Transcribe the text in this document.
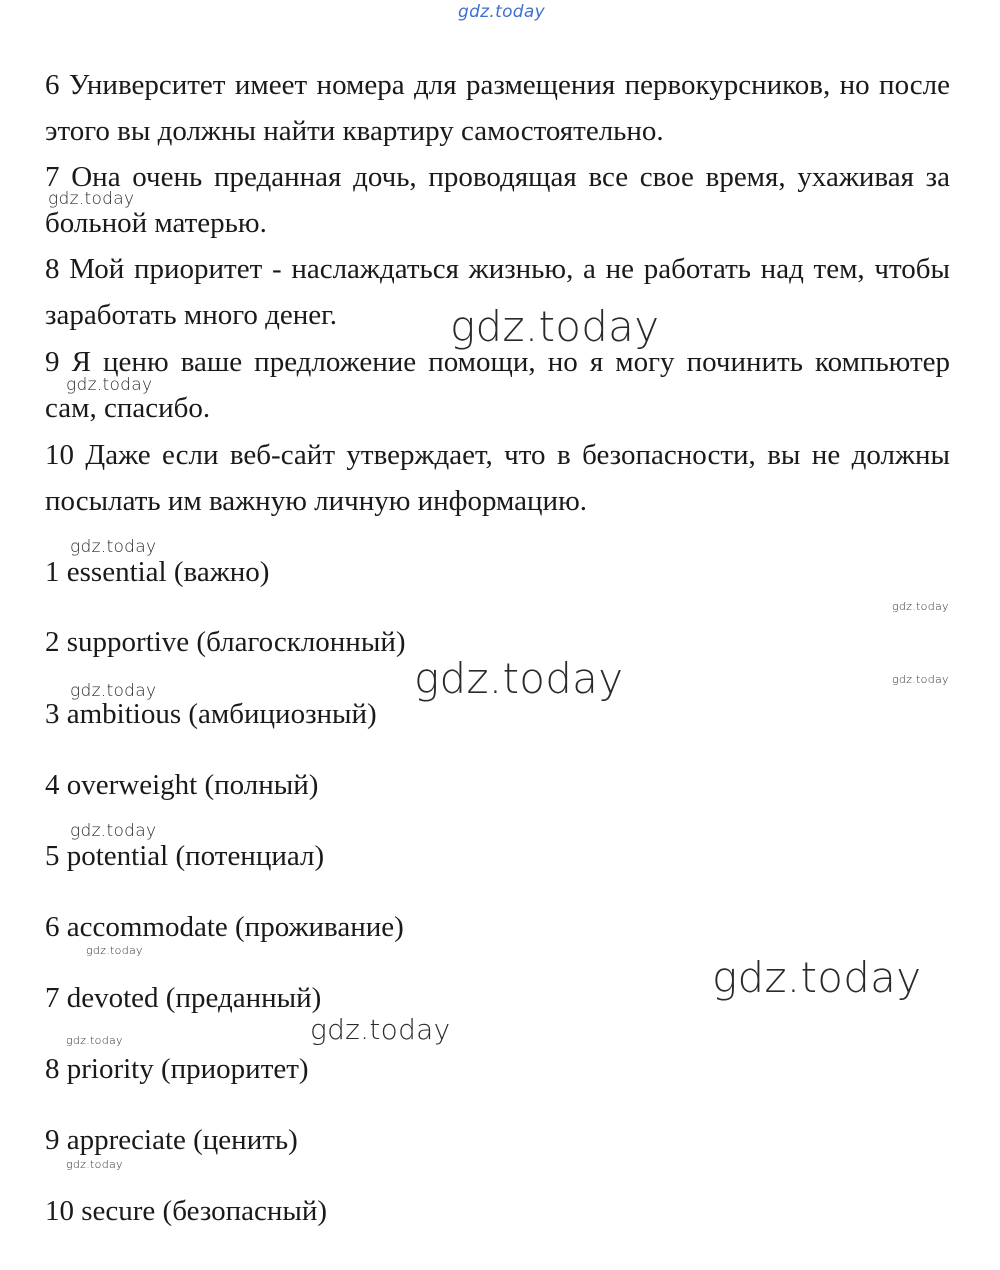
gdz.today

6 Университет имеет номера для размещения первокурсников, но после этого вы должны найти квартиру самостоятельно.

7 Она очень преданная дочь, проводящая все свое время, ухаживая за больной матерью.

8 Мой приоритет - наслаждаться жизнью, а не работать над тем, чтобы заработать много денег.

9 Я ценю ваше предложение помощи, но я могу починить компьютер сам, спасибо.

10 Даже если веб-сайт утверждает, что в безопасности, вы не должны посылать им важную личную информацию.

1 essential (важно)
2 supportive (благосклонный)
3 ambitious (амбициозный)
4 overweight (полный)
5 potential (потенциал)
6 accommodate (проживание)
7 devoted (преданный)
8 priority (приоритет)
9 appreciate (ценить)
10 secure (безопасный)
gdz.today
gdz.today
gdz.today
gdz.today
gdz.today
gdz.today	gdz.today
gdz.today
gdz.today
gdz.today
gdz.today
gdz.today
gdz.today
gdz.today
